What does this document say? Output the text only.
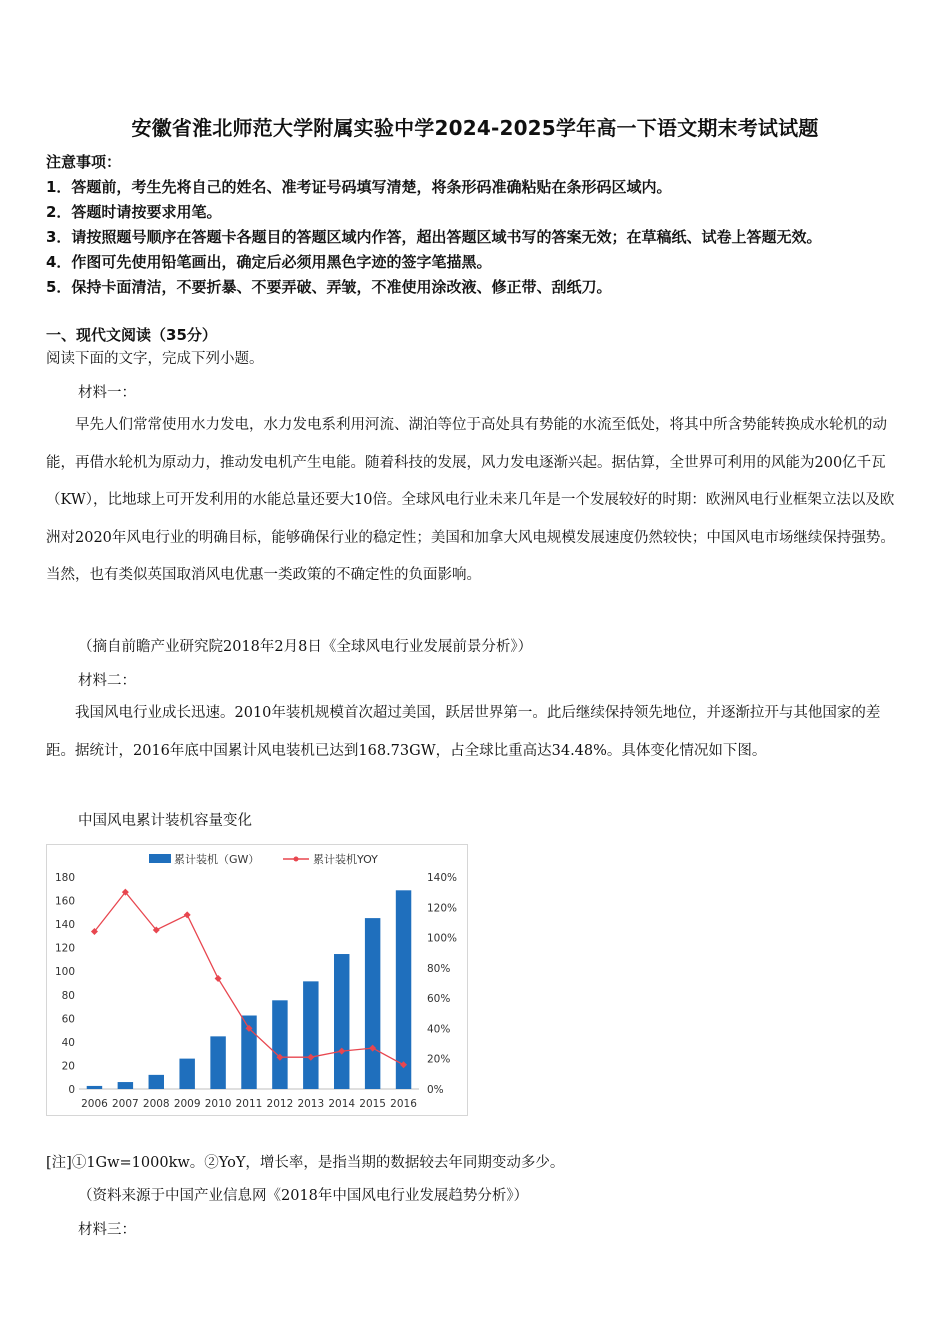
安徽省淮北师范大学附属实验中学2024-2025学年高一下语文期末考试试题
注意事项：
1．答题前，考生先将自己的姓名、准考证号码填写清楚，将条形码准确粘贴在条形码区域内。
2．答题时请按要求用笔。
3．请按照题号顺序在答题卡各题目的答题区域内作答，超出答题区域书写的答案无效；在草稿纸、试卷上答题无效。
4．作图可先使用铅笔画出，确定后必须用黑色字迹的签字笔描黑。
5．保持卡面清洁，不要折暴、不要弄破、弄皱，不准使用涂改液、修正带、刮纸刀。
一、现代文阅读（35分）
阅读下面的文字，完成下列小题。
材料一：
早先人们常常使用水力发电，水力发电系利用河流、湖泊等位于高处具有势能的水流至低处，将其中所含势能转换成水轮机的动能，再借水轮机为原动力，推动发电机产生电能。随着科技的发展，风力发电逐渐兴起。据估算，全世界可利用的风能为200亿千瓦（KW），比地球上可开发利用的水能总量还要大10倍。全球风电行业未来几年是一个发展较好的时期：欧洲风电行业框架立法以及欧洲对2020年风电行业的明确目标，能够确保行业的稳定性；美国和加拿大风电规模发展速度仍然较快；中国风电市场继续保持强势。当然，也有类似英国取消风电优惠一类政策的不确定性的负面影响。
（摘自前瞻产业研究院2018年2月8日《全球风电行业发展前景分析》）
材料二：
我国风电行业成长迅速。2010年装机规模首次超过美国，跃居世界第一。此后继续保持领先地位，并逐渐拉开与其他国家的差距。据统计，2016年底中国累计风电装机已达到168.73GW，占全球比重高达34.48%。具体变化情况如下图。
中国风电累计装机容量变化
累计装机（GW）	累计装机YOY
0
20
40
60
80
100
120
140
160
180
0%
20%
40%
60%
80%
100%
120%
140%
2006 2007 2008 2009 2010 2011 2012 2013 2014 2015 2016
[注]①1Gw=1000kw。②YoY，增长率，是指当期的数据较去年同期变动多少。
（资料来源于中国产业信息网《2018年中国风电行业发展趋势分析》）
材料三：
